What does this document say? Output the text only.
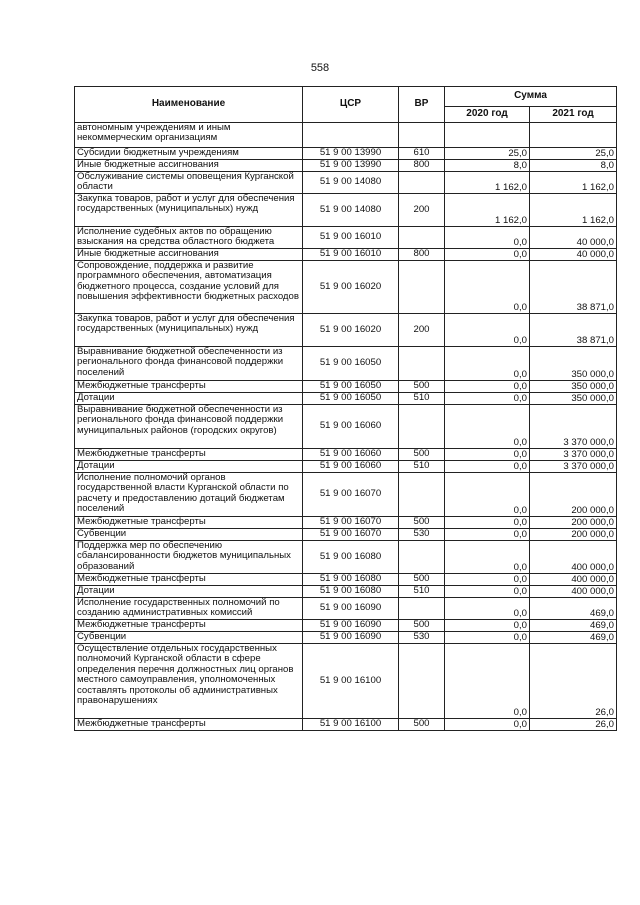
558
Наименование	ЦСР	ВР	Сумма	
			2020 год	2021 год
автономным учреждениям и иным некоммерческим организациям				
Субсидии бюджетным учреждениям	51 9 00 13990	610	25,0	25,0
Иные бюджетные ассигнования	51 9 00 13990	800	8,0	8,0
Обслуживание системы оповещения Курганской области	51 9 00 14080		1 162,0	1 162,0
Закупка товаров, работ и услуг для обеспечения государственных (муниципальных) нужд	51 9 00 14080	200	1 162,0	1 162,0
Исполнение судебных актов по обращению взыскания на средства областного бюджета	51 9 00 16010		0,0	40 000,0
Иные бюджетные ассигнования	51 9 00 16010	800	0,0	40 000,0
Сопровождение, поддержка и развитие программного обеспечения, автоматизация бюджетного процесса, создание условий для повышения эффективности бюджетных расходов	51 9 00 16020		0,0	38 871,0
Закупка товаров, работ и услуг для обеспечения государственных (муниципальных) нужд	51 9 00 16020	200	0,0	38 871,0
Выравнивание бюджетной обеспеченности из регионального фонда финансовой поддержки поселений	51 9 00 16050		0,0	350 000,0
Межбюджетные трансферты	51 9 00 16050	500	0,0	350 000,0
Дотации	51 9 00 16050	510	0,0	350 000,0
Выравнивание бюджетной обеспеченности из регионального фонда финансовой поддержки муниципальных районов (городских округов)	51 9 00 16060		0,0	3 370 000,0
Межбюджетные трансферты	51 9 00 16060	500	0,0	3 370 000,0
Дотации	51 9 00 16060	510	0,0	3 370 000,0
Исполнение полномочий органов государственной власти Курганской области по расчету и предоставлению дотаций бюджетам поселений	51 9 00 16070		0,0	200 000,0
Межбюджетные трансферты	51 9 00 16070	500	0,0	200 000,0
Субвенции	51 9 00 16070	530	0,0	200 000,0
Поддержка мер по обеспечению сбалансированности бюджетов муниципальных образований	51 9 00 16080		0,0	400 000,0
Межбюджетные трансферты	51 9 00 16080	500	0,0	400 000,0
Дотации	51 9 00 16080	510	0,0	400 000,0
Исполнение государственных полномочий по созданию административных комиссий	51 9 00 16090		0,0	469,0
Межбюджетные трансферты	51 9 00 16090	500	0,0	469,0
Субвенции	51 9 00 16090	530	0,0	469,0
Осуществление отдельных государственных полномочий Курганской области в сфере определения перечня должностных лиц органов местного самоуправления, уполномоченных составлять протоколы об административных правонарушениях	51 9 00 16100		0,0	26,0
Межбюджетные трансферты	51 9 00 16100	500	0,0	26,0
